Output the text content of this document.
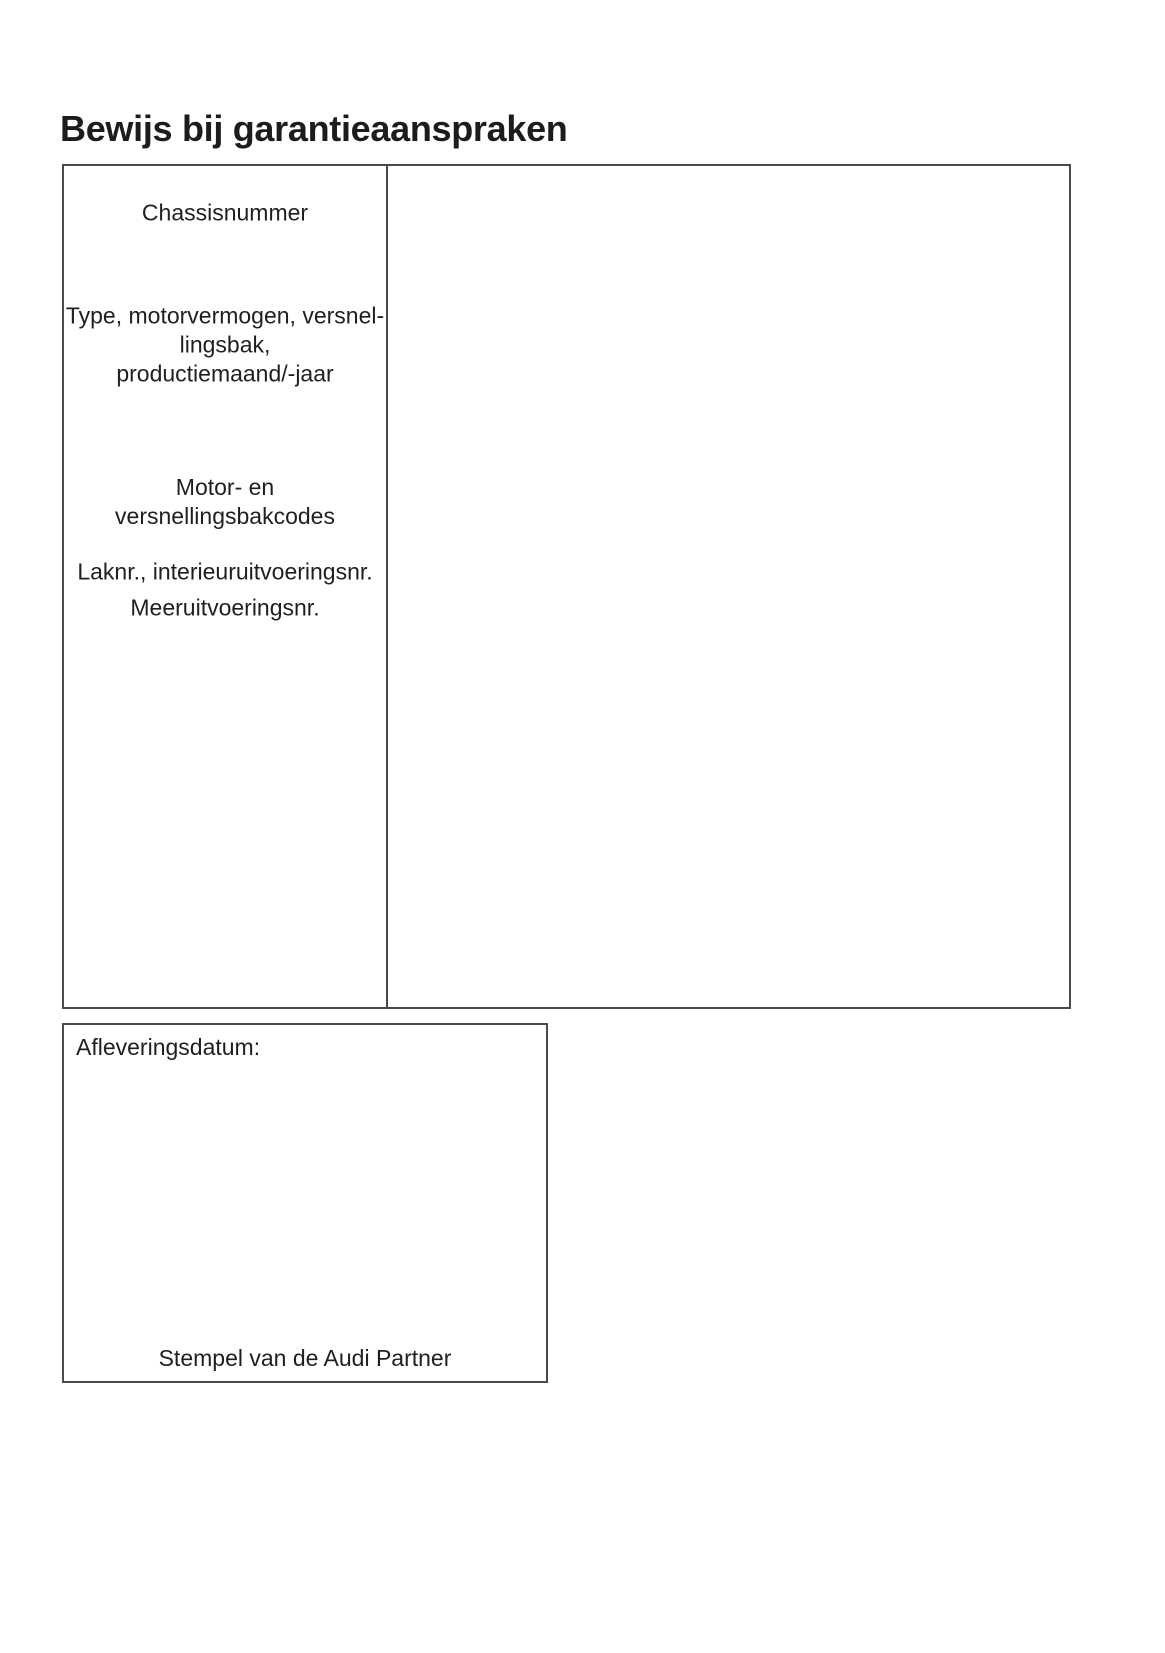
Bewijs bij garantieaanspraken
Chassisnummer
Type, motorvermogen, versnel-
lingsbak,
productiemaand/-jaar
Motor- en versnellingsbakcodes
Laknr., interieuruitvoeringsnr.
Meeruitvoeringsnr.
Afleveringsdatum:
Stempel van de Audi Partner
